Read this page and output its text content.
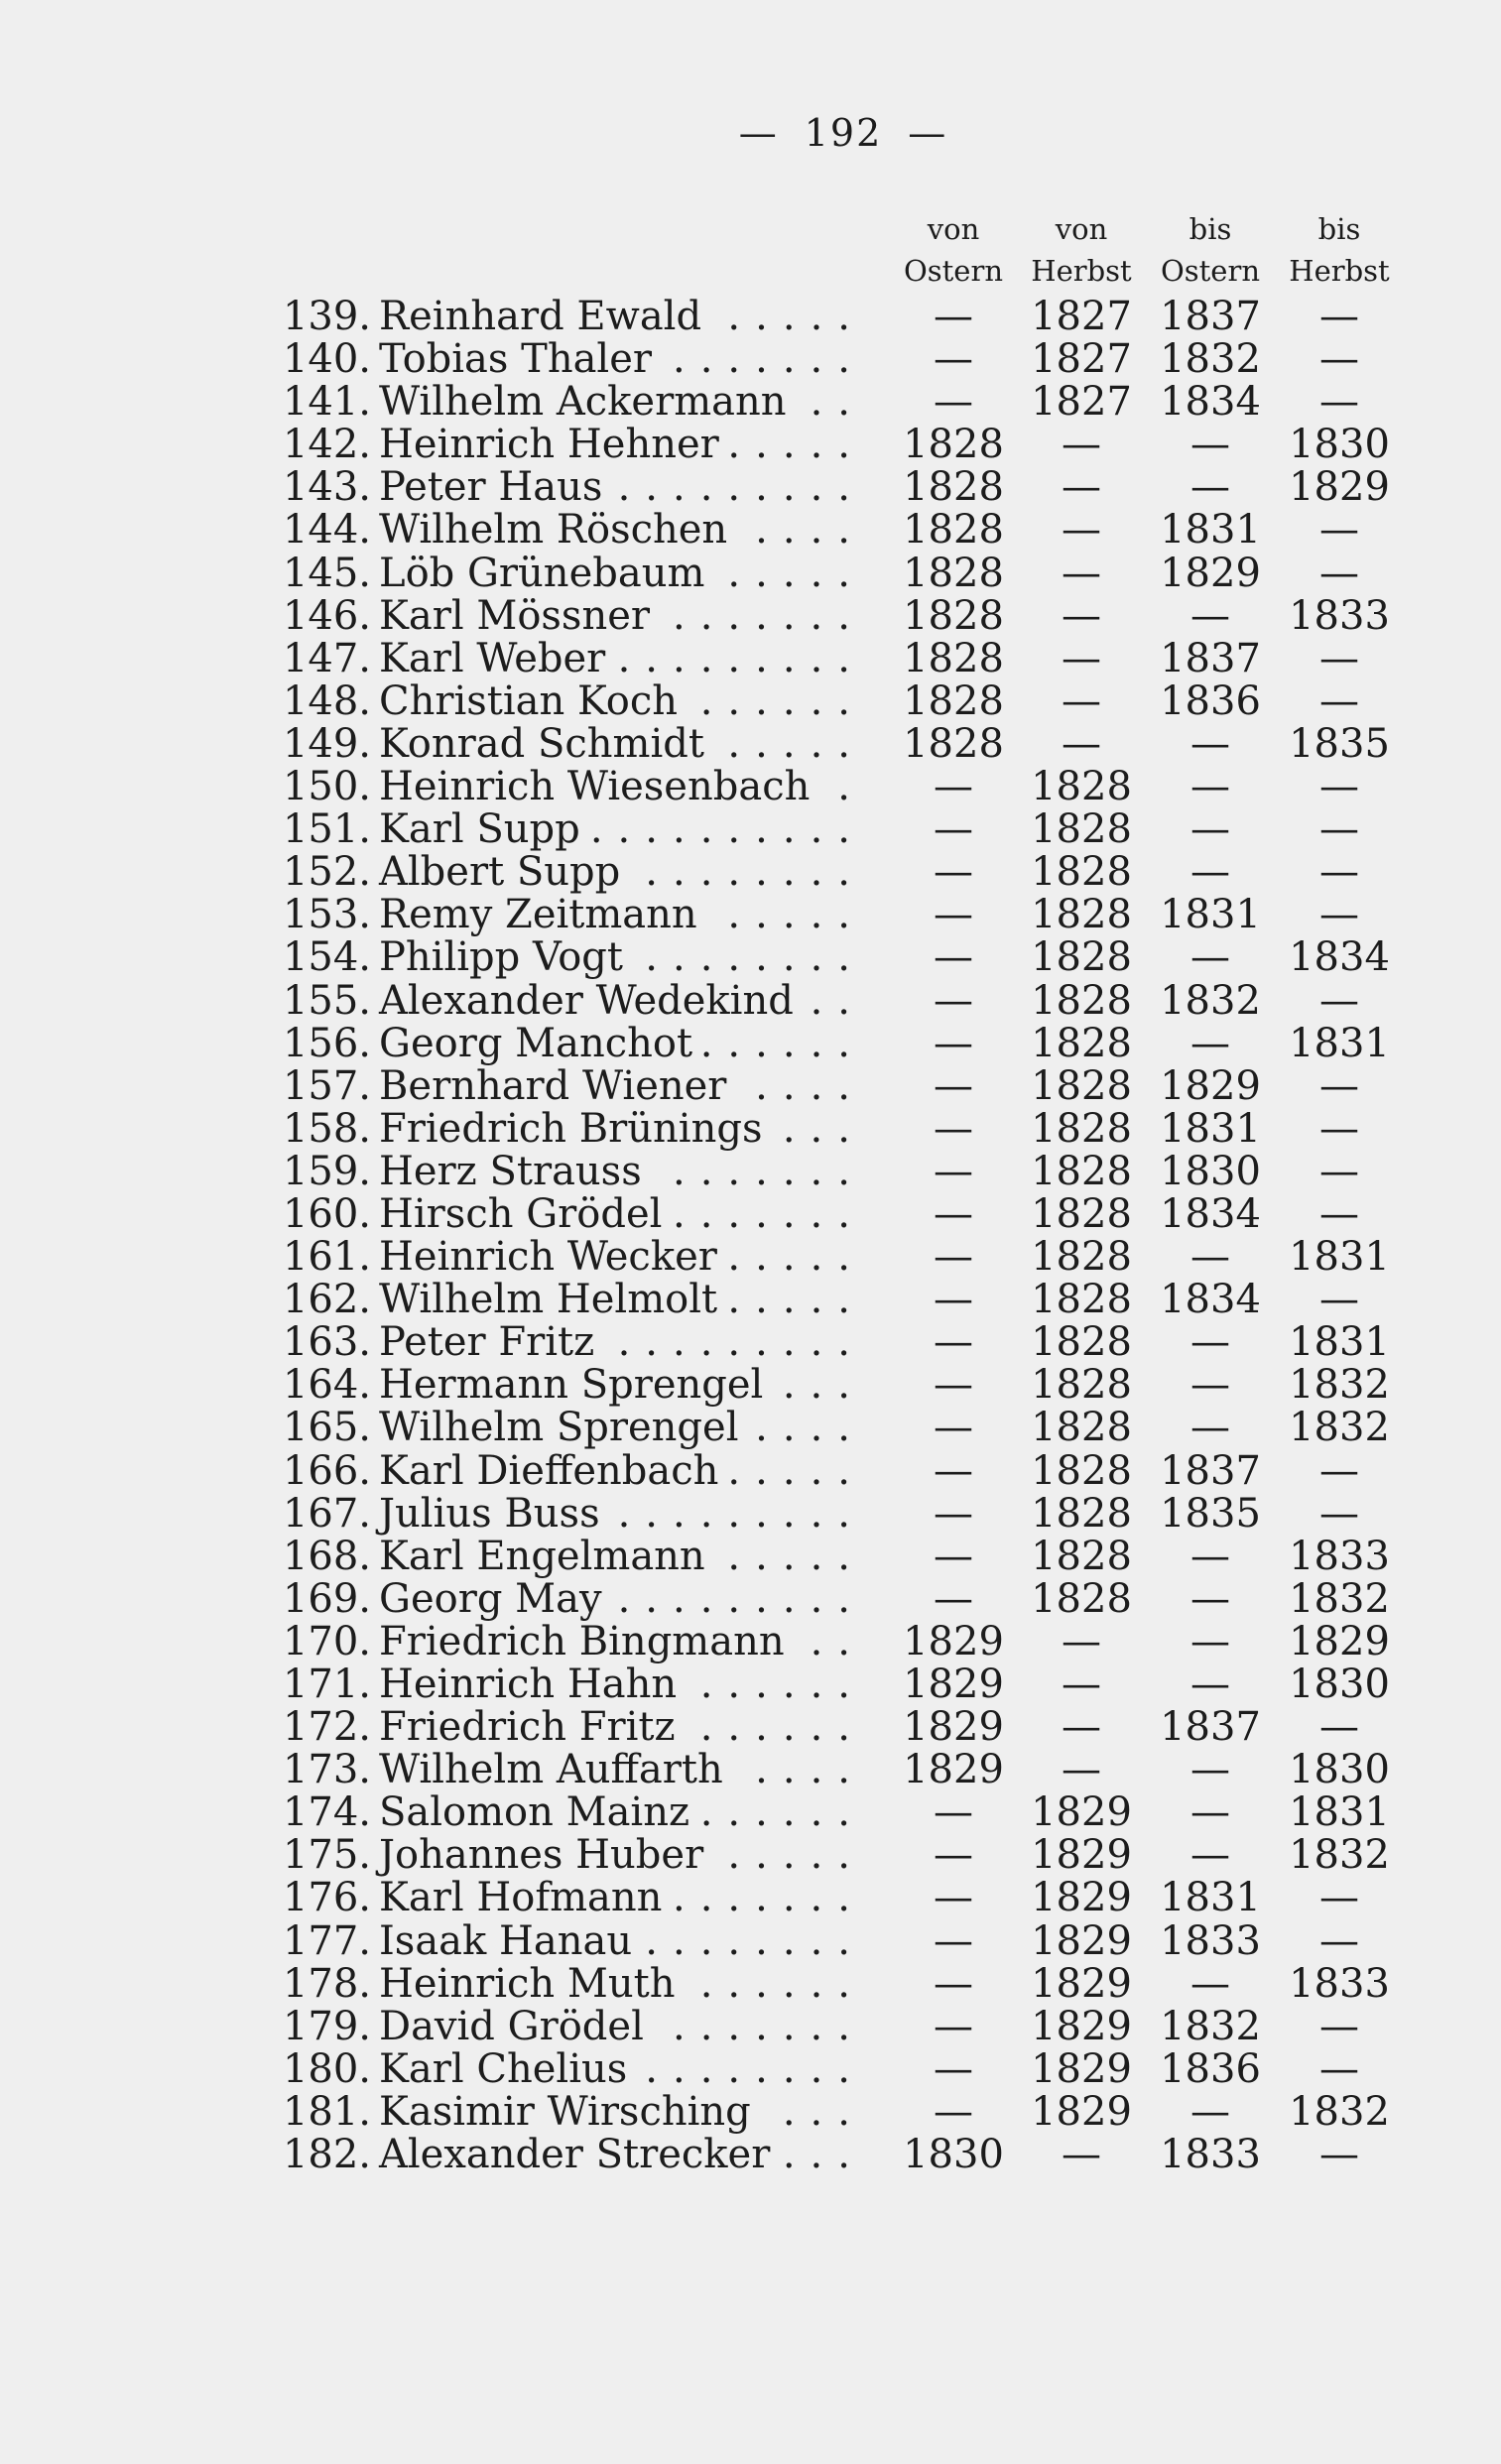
— 192 —
von
Ostern
von
Herbst
bis
Ostern
bis
Herbst
.....
139. Reinhard Ewald	—	1827 1837	—
.......
140. Tobias Thaler	—	1827 1832	—
..
141. Wilhelm Ackermann	—	1827 1834	—
.....
142. Heinrich Hehner	1828	—	—	1830
.........
143. Peter Haus	1828	—	—	1829
....
144. Wilhelm Röschen	1828	—	1831	—
.....
145. Löb Grünebaum	1828	—	1829	—
.......
146. Karl Mössner	1828	—	—	1833
.........
147. Karl Weber	1828	—	1837	—
......
148. Christian Koch	1828	—	1836	—
.....
149. Konrad Schmidt	1828	—	—	1835
.
150. Heinrich Wiesenbach	—	1828	—	—
..........
151. Karl Supp	—	1828	—	—
........
152. Albert Supp	—	1828	—	—
.....
153. Remy Zeitmann	—	1828 1831	—
........
154. Philipp Vogt	—	1828	—	1834
..
155. Alexander Wedekind	—	1828 1832	—
......
156. Georg Manchot	—	1828	—	1831
....
157. Bernhard Wiener	—	1828 1829	—
...
158. Friedrich Brünings	—	1828 1831	—
.......
159. Herz Strauss	—	1828 1830	—
.......
160. Hirsch Grödel	—	1828 1834	—
.....
161. Heinrich Wecker	—	1828	—	1831
.....
162. Wilhelm Helmolt	—	1828 1834	—
.........
163. Peter Fritz	—	1828	—	1831
...
164. Hermann Sprengel	—	1828	—	1832
....
165. Wilhelm Sprengel	—	1828	—	1832
.....
166. Karl Dieffenbach	—	1828 1837	—
.........
167. Julius Buss	—	1828 1835	—
.....
168. Karl Engelmann	—	1828	—	1833
.........
169. Georg May	—	1828	—	1832
..
170. Friedrich Bingmann	1829	—	—	1829
......
171. Heinrich Hahn	1829	—	—	1830
......
172. Friedrich Fritz	1829	—	1837	—
....
173. Wilhelm Auffarth	1829	—	—	1830
......
174. Salomon Mainz	—	1829	—	1831
.....
175. Johannes Huber	—	1829	—	1832
.......
176. Karl Hofmann	—	1829 1831	—
........
177. Isaak Hanau	—	1829 1833	—
......
178. Heinrich Muth	—	1829	—	1833
.......
179. David Grödel	—	1829 1832	—
........
180. Karl Chelius	—	1829 1836	—
...
181. Kasimir Wirsching	—	1829	—	1832
...
182. Alexander Strecker	1830	—	1833	—
